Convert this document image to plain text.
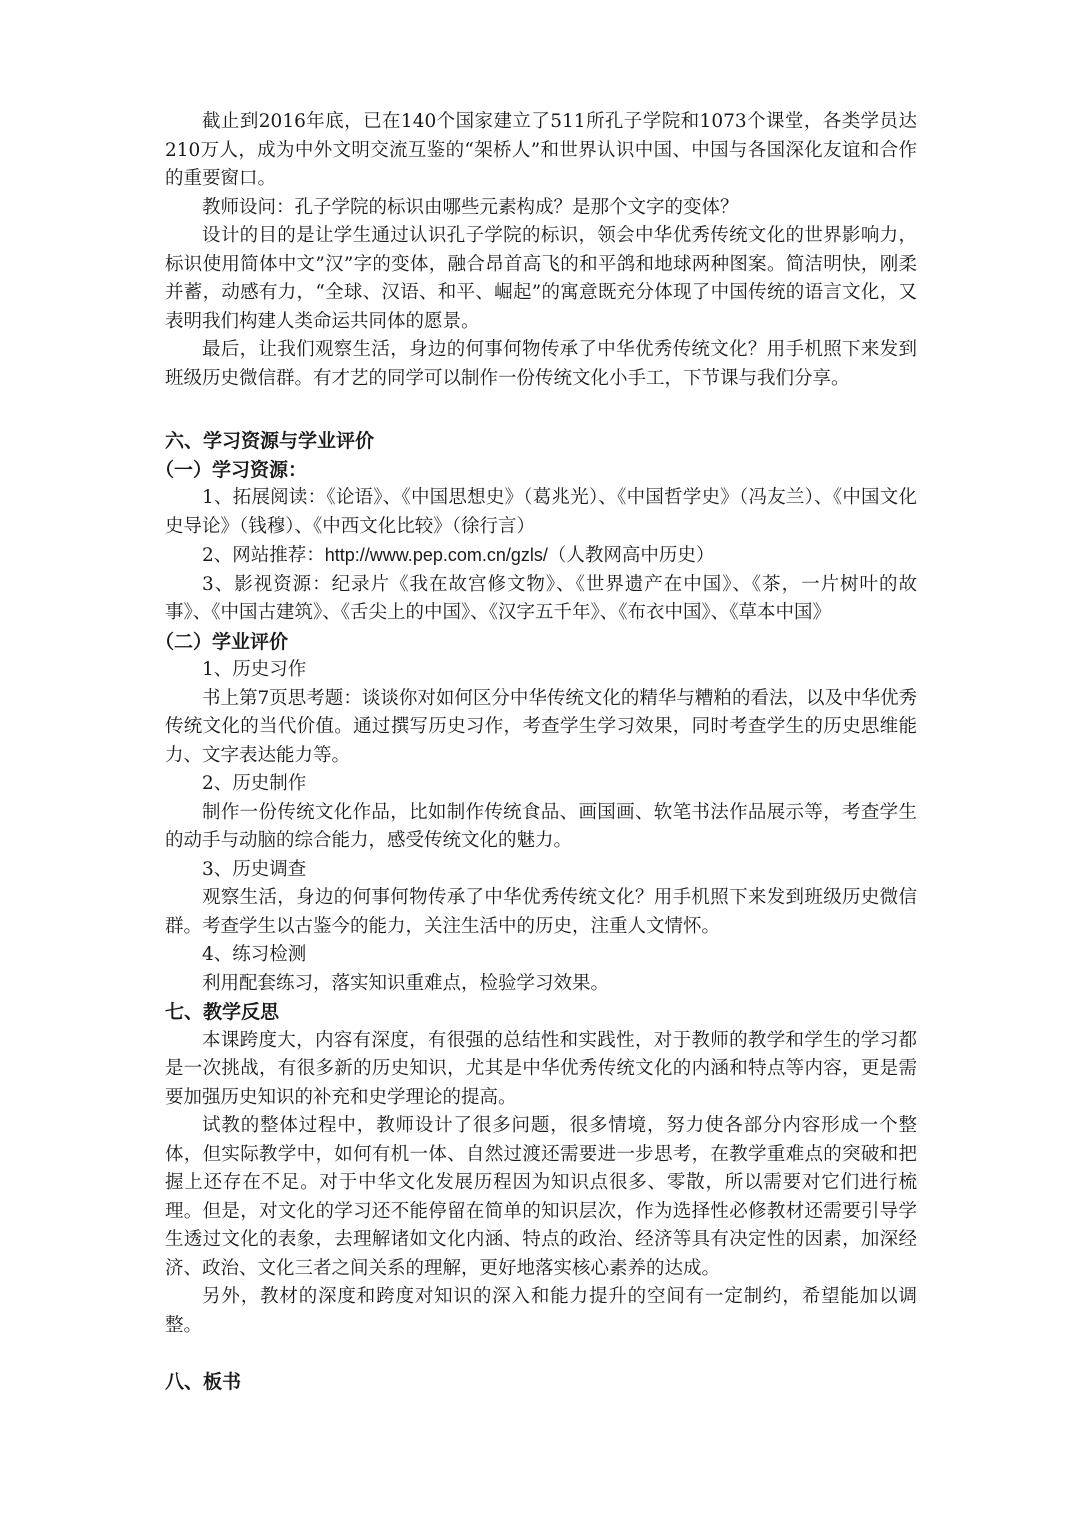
截止到2016年底，已在140个国家建立了511所孔子学院和1073个课堂，各类学员达210万人，成为中外文明交流互鉴的“架桥人”和世界认识中国、中国与各国深化友谊和合作的重要窗口。

教师设问：孔子学院的标识由哪些元素构成？是那个文字的变体？

设计的目的是让学生通过认识孔子学院的标识，领会中华优秀传统文化的世界影响力，标识使用简体中文”汉”字的变体，融合昂首高飞的和平鸽和地球两种图案。简洁明快，刚柔并蓄，动感有力，“全球、汉语、和平、崛起”的寓意既充分体现了中国传统的语言文化，又表明我们构建人类命运共同体的愿景。

最后，让我们观察生活，身边的何事何物传承了中华优秀传统文化？用手机照下来发到班级历史微信群。有才艺的同学可以制作一份传统文化小手工，下节课与我们分享。

六、学习资源与学业评价

（一）学习资源：

1、拓展阅读：《论语》、《中国思想史》（葛兆光）、《中国哲学史》（冯友兰）、《中国文化史导论》（钱穆）、《中西文化比较》（徐行言）

2、网站推荐：http://www.pep.com.cn/gzls/（人教网高中历史）

3、影视资源：纪录片《我在故宫修文物》、《世界遗产在中国》、《茶，一片树叶的故事》、《中国古建筑》、《舌尖上的中国》、《汉字五千年》、《布衣中国》、《草本中国》

（二）学业评价

1、历史习作

书上第7页思考题：谈谈你对如何区分中华传统文化的精华与糟粕的看法，以及中华优秀传统文化的当代价值。通过撰写历史习作，考查学生学习效果，同时考查学生的历史思维能力、文字表达能力等。

2、历史制作

制作一份传统文化作品，比如制作传统食品、画国画、软笔书法作品展示等，考查学生的动手与动脑的综合能力，感受传统文化的魅力。

3、历史调查

观察生活，身边的何事何物传承了中华优秀传统文化？用手机照下来发到班级历史微信群。考查学生以古鉴今的能力，关注生活中的历史，注重人文情怀。

4、练习检测

利用配套练习，落实知识重难点，检验学习效果。

七、教学反思

本课跨度大，内容有深度，有很强的总结性和实践性，对于教师的教学和学生的学习都是一次挑战，有很多新的历史知识，尤其是中华优秀传统文化的内涵和特点等内容，更是需要加强历史知识的补充和史学理论的提高。

试教的整体过程中，教师设计了很多问题，很多情境，努力使各部分内容形成一个整体，但实际教学中，如何有机一体、自然过渡还需要进一步思考，在教学重难点的突破和把握上还存在不足。对于中华文化发展历程因为知识点很多、零散，所以需要对它们进行梳理。但是，对文化的学习还不能停留在简单的知识层次，作为选择性必修教材还需要引导学生透过文化的表象，去理解诸如文化内涵、特点的政治、经济等具有决定性的因素，加深经济、政治、文化三者之间关系的理解，更好地落实核心素养的达成。

另外，教材的深度和跨度对知识的深入和能力提升的空间有一定制约，希望能加以调整。

八、板书
